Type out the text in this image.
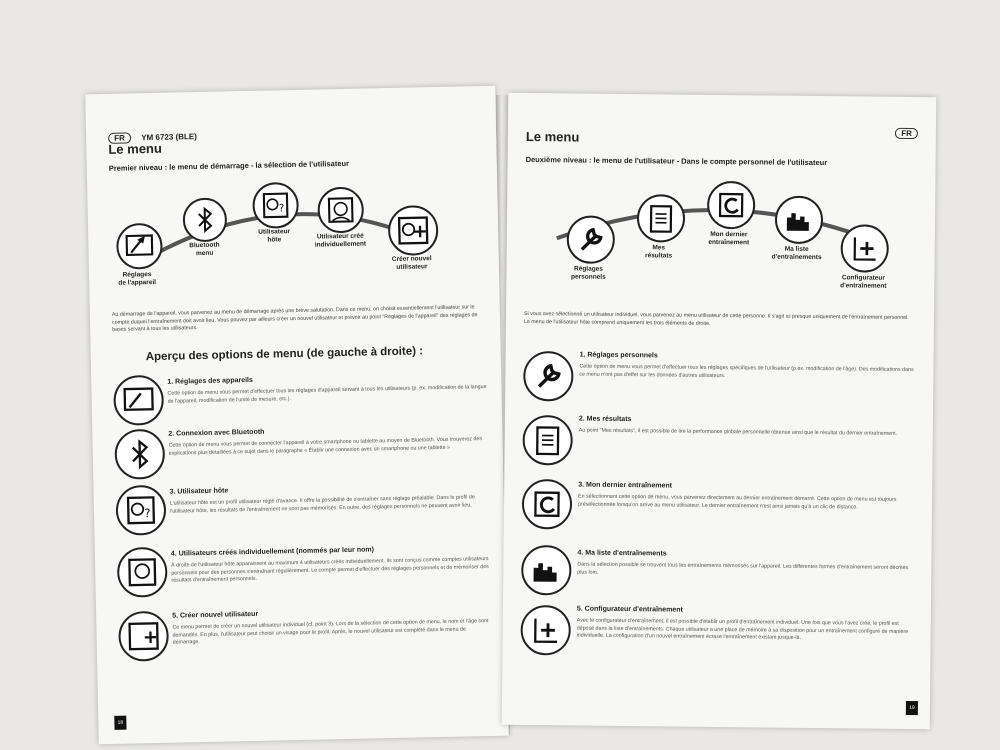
FR YM 6723 (BLE)
Le menu
Premier niveau : le menu de démarrage - la sélection de l'utilisateur
?
Réglages
de l'appareil
Bluetooth
menu
Utilisateur
hôte	Utilisateur créé
individuellement
Créer nouvel
utilisateur
Au démarrage de l'appareil, vous parvenez au menu de démarrage après une brève salutation. Dans ce menu, on choisit essentiellement l'utilisateur sur le compte duquel l'entraînement doit avoir lieu. Vous pouvez par ailleurs créer un nouvel utilisateur et prévoir au point "Réglages de l'appareil" des réglages de bases servant à tous les utilisateurs.
Aperçu des options de menu (de gauche à droite) :
1. Réglages des appareils
Cette option de menu vous permet d'effectuer tous les réglages d'appareil servant à tous les utilisateurs (p. ex. modification de la langue de l'appareil, modification de l'unité de mesure, etc.).
2. Connexion avec Bluetooth
Cette option de menu vous permet de connecter l'appareil à votre smartphone ou tablette au moyen de Bluetooth. Vous trouverez des explications plus détaillées à ce sujet dans le paragraphe « Établir une connexion avec un smartphone ou une tablette »
?
3. Utilisateur hôte
L'utilisateur hôte est un profil utilisateur réglé d'avance. Il offre la possibilité de s'entraîner sans réglage préalable. Dans le profil de l'utilisateur hôte, les résultats de l'entraînement ne sont pas mémorisés. En outre, des réglages personnels ne peuvent avoir lieu.
4. Utilisateurs créés individuellement (nommés par leur nom)
À droite de l'utilisateur hôte apparaissent au maximum 4 utilisateurs créés individuellement. Ils sont conçus comme comptes utilisateurs personnels pour des personnes s'entraînant régulièrement. Le compte permet d'effectuer des réglages personnels et de mémoriser des résultats d'entraînement personnels.
5. Créer nouvel utilisateur
Ce menu permet de créer un nouvel utilisateur individuel (cf. point 3). Lors de la sélection de cette option de menu, le nom et l'âge sont demandés. En plus, l'utilisateur peut choisir un visage pour le profil. Après, le nouvel utilisateur est complété dans le menu de démarrage.
18
FR
Le menu
Deuxième niveau : le menu de l'utilisateur - Dans le compte personnel de l'utilisateur
Réglages
personnels
Mes
résultats
Mon dernier
entraînement
Ma liste
d'entraînements
Configurateur
d'entraînement
Si vous avez sélectionné un utilisateur individuel, vous parvenez au menu utilisateur de cette personne. Il s'agit ici presque uniquement de l'entraînement personnel. Le menu de l'utilisateur hôte comprend uniquement les trois éléments de droite.
1. Réglages personnels
Cette option de menu vous permet d'effectuer tous les réglages spécifiques de l'utilisateur (p.ex. modification de l'âge). Des modifications dans ce menu n'ont pas d'effet sur les données d'autres utilisateurs.
2. Mes résultats
Au point "Mes résultats", il est possible de lire la performance globale personnelle obtenue ainsi que le résultat du dernier entraînement.
3. Mon dernier entraînement
En sélectionnant cette option de menu, vous parvenez directement au dernier entraînement démarré. Cette option de menu est toujours présélectionnée lorsqu'on arrive au menu utilisateur. Le dernier entraînement n'est ainsi jamais qu'à un clic de distance.
4. Ma liste d'entraînements
Dans la sélection possible se trouvent tous les entraînements mémorisés sur l'appareil. Les différentes formes d'entraînement seront décrites plus loin.
5. Configurateur d'entraînement
Avec le configurateur d'entraînement, il est possible d'établir un profil d'entraînement individuel. Une fois que vous l'avez créé, le profil est déposé dans la liste d'entraînements. Chaque utilisateur a une place de mémoire à sa disposition pour un entraînement configuré de manière individuelle. La configuration d'un nouvel entraînement écrase l'entraînement existant jusque-là.
19
